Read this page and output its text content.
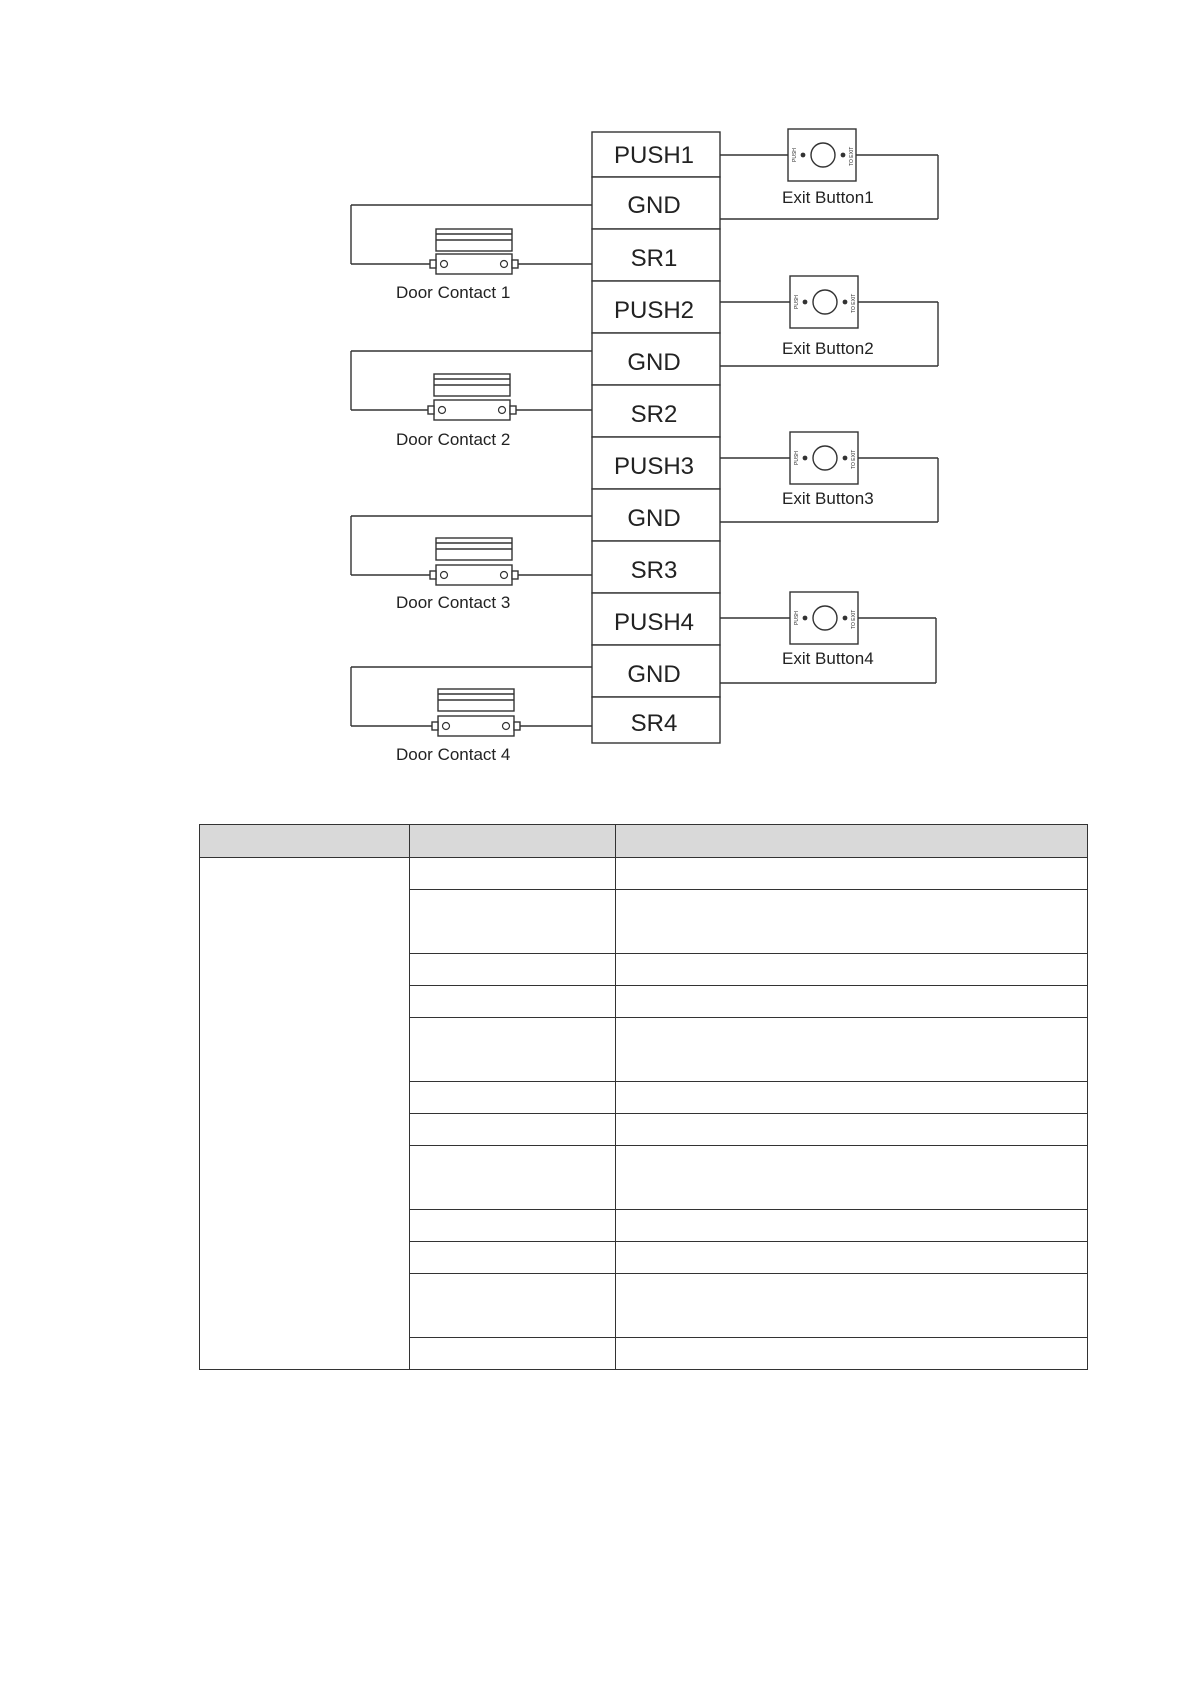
PUSH1
GND
SR1
PUSH2
GND
SR2
PUSH3
GND
SR3
PUSH4
GND
SR4
PUSH	TO EXIT
Exit Button1
PUSH	TO EXIT
Exit Button2
PUSH	TO EXIT
Exit Button3
PUSH	TO EXIT
Exit Button4
Door Contact 1
Door Contact 2
Door Contact 3
Door Contact 4
